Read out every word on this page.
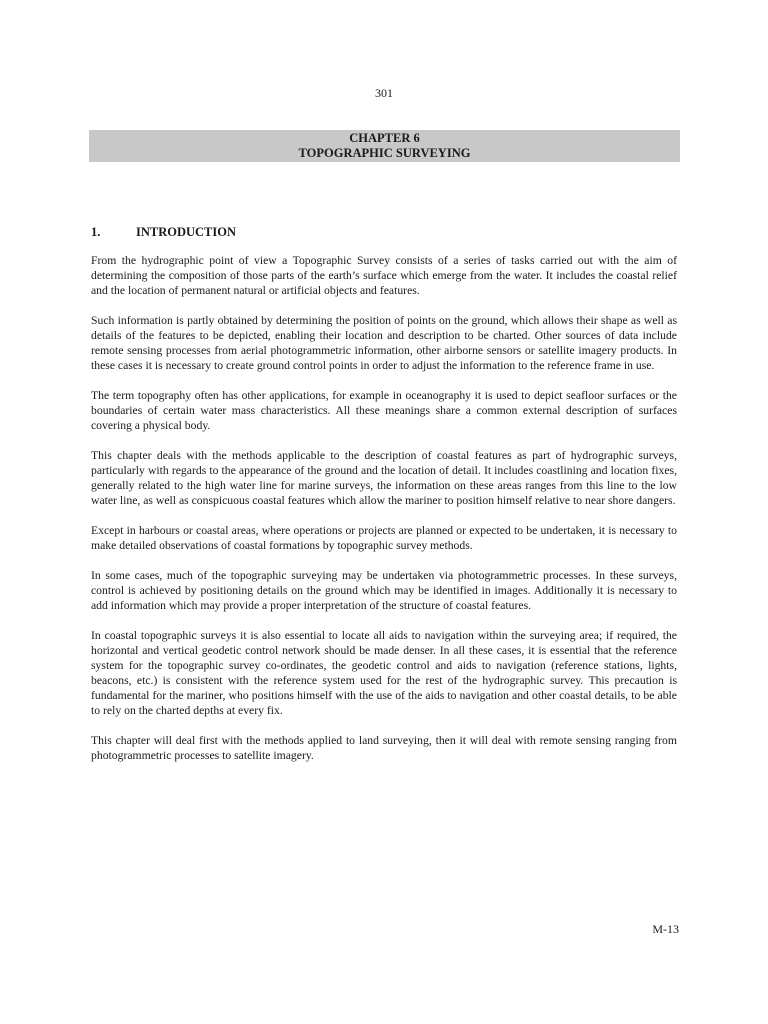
301
CHAPTER 6
TOPOGRAPHIC SURVEYING
1.	INTRODUCTION

From the hydrographic point of view a Topographic Survey consists of a series of tasks carried out with the aim of determining the composition of those parts of the earth’s surface which emerge from the water. It includes the coastal relief and the location of permanent natural or artificial objects and features.

Such information is partly obtained by determining the position of points on the ground, which allows their shape as well as details of the features to be depicted, enabling their location and description to be charted. Other sources of data include remote sensing processes from aerial photogrammetric information, other airborne sensors or satellite imagery products. In these cases it is necessary to create ground control points in order to adjust the information to the reference frame in use.

The term topography often has other applications, for example in oceanography it is used to depict seafloor surfaces or the boundaries of certain water mass characteristics. All these meanings share a common external description of surfaces covering a physical body.

This chapter deals with the methods applicable to the description of coastal features as part of hydrographic surveys, particularly with regards to the appearance of the ground and the location of detail. It includes coastlining and location fixes, generally related to the high water line for marine surveys, the information on these areas ranges from this line to the low water line, as well as conspicuous coastal features which allow the mariner to position himself relative to near shore dangers.

Except in harbours or coastal areas, where operations or projects are planned or expected to be undertaken, it is necessary to make detailed observations of coastal formations by topographic survey methods.

In some cases, much of the topographic surveying may be undertaken via photogrammetric processes. In these surveys, control is achieved by positioning details on the ground which may be identified in images. Additionally it is necessary to add information which may provide a proper interpretation of the structure of coastal features.

In coastal topographic surveys it is also essential to locate all aids to navigation within the surveying area; if required, the horizontal and vertical geodetic control network should be made denser. In all these cases, it is essential that the reference system for the topographic survey co-ordinates, the geodetic control and aids to navigation (reference stations, lights, beacons, etc.) is consistent with the reference system used for the rest of the hydrographic survey. This precaution is fundamental for the mariner, who positions himself with the use of the aids to navigation and other coastal details, to be able to rely on the charted depths at every fix.

This chapter will deal first with the methods applied to land surveying, then it will deal with remote sensing ranging from photogrammetric processes to satellite imagery.

M-13
